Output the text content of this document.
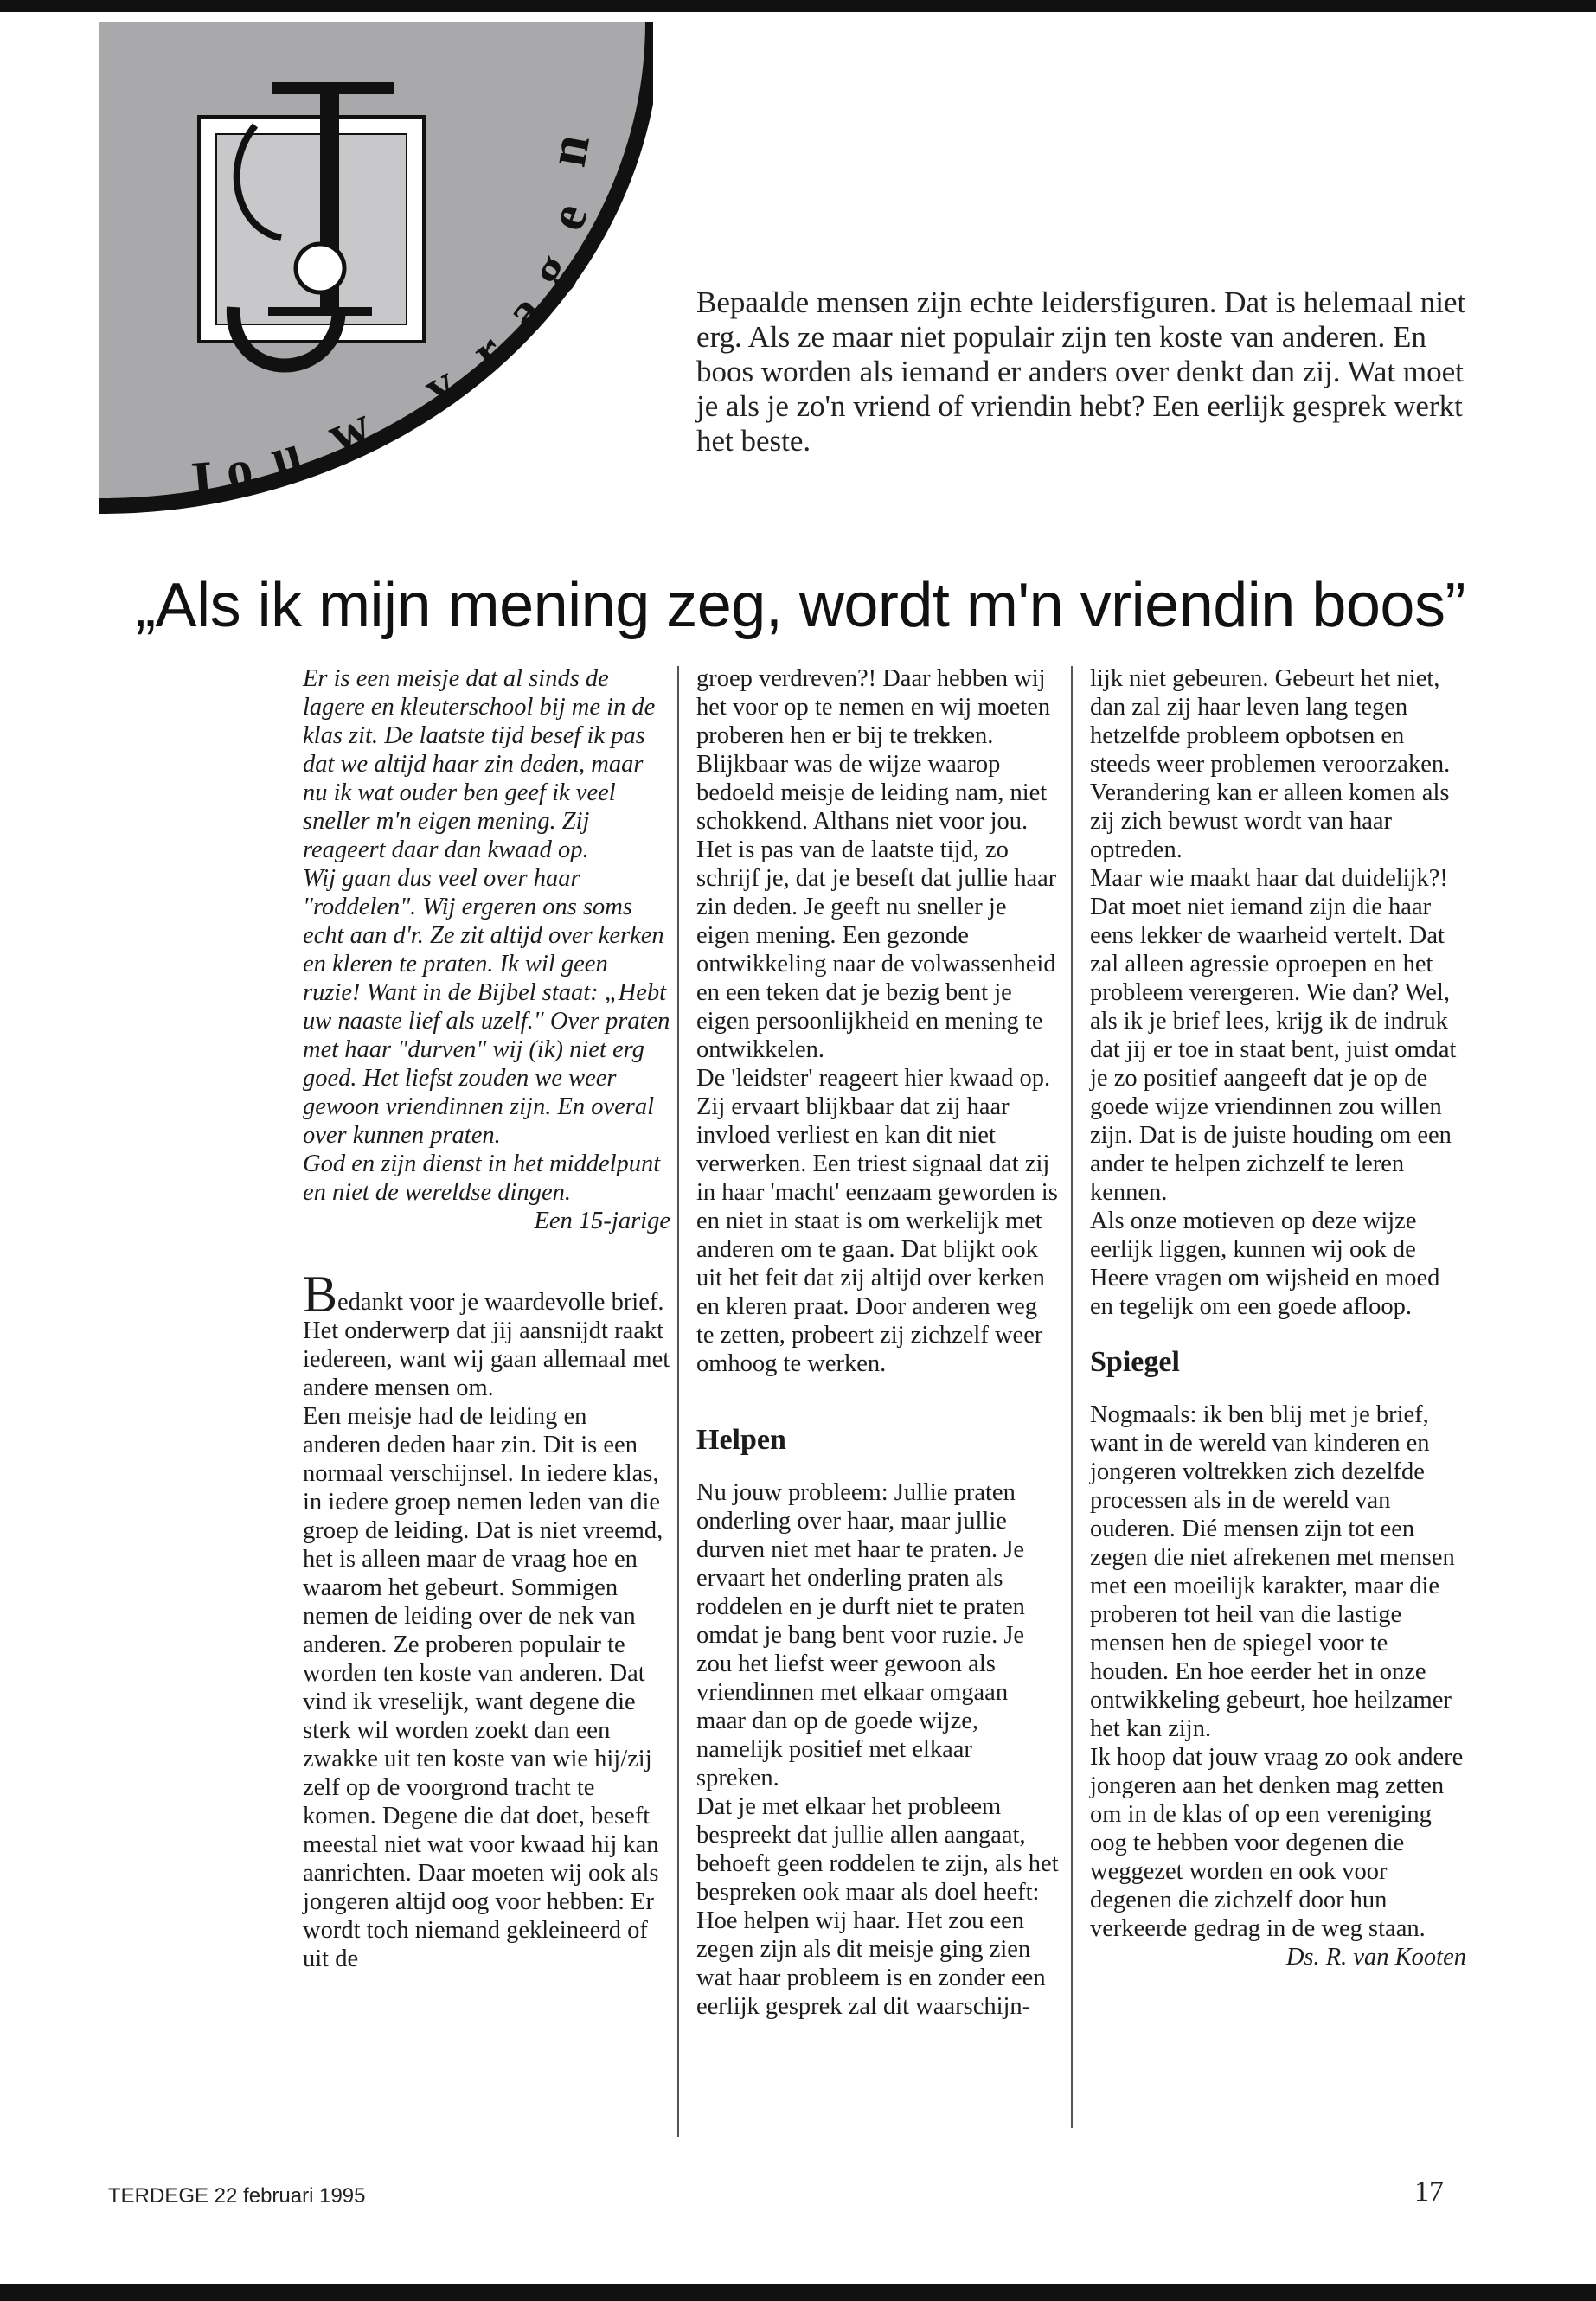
n
e
g
a
r
v
w
u
o
J

Bepaalde mensen zijn echte leidersfiguren. Dat is helemaal niet erg. Als ze maar niet populair zijn ten koste van anderen. En boos worden als iemand er anders over denkt dan zij. Wat moet je als je zo'n vriend of vriendin hebt? Een eerlijk gesprek werkt het beste.

„Als ik mijn mening zeg, wordt m'n vriendin boos”

Er is een meisje dat al sinds de lagere en kleuterschool bij me in de klas zit. De laatste tijd besef ik pas dat we altijd haar zin deden, maar nu ik wat ouder ben geef ik veel sneller m'n eigen mening. Zij reageert daar dan kwaad op.

Wij gaan dus veel over haar "roddelen". Wij ergeren ons soms echt aan d'r. Ze zit altijd over kerken en kleren te praten. Ik wil geen ruzie! Want in de Bijbel staat: „Hebt uw naaste lief als uzelf." Over praten met haar "durven" wij (ik) niet erg goed. Het liefst zouden we weer gewoon vriendinnen zijn. En overal over kunnen praten.

God en zijn dienst in het middelpunt en niet de wereldse dingen.

Een 15-jarige

Bedankt voor je waardevolle brief. Het onderwerp dat jij aansnijdt raakt iedereen, want wij gaan allemaal met andere mensen om.

Een meisje had de leiding en anderen deden haar zin. Dit is een normaal verschijnsel. In iedere klas, in iedere groep nemen leden van die groep de leiding. Dat is niet vreemd, het is alleen maar de vraag hoe en waarom het gebeurt. Sommigen nemen de leiding over de nek van anderen. Ze proberen populair te worden ten koste van anderen. Dat vind ik vreselijk, want degene die sterk wil worden zoekt dan een zwakke uit ten koste van wie hij/zij zelf op de voorgrond tracht te komen. Degene die dat doet, beseft meestal niet wat voor kwaad hij kan aanrichten. Daar moeten wij ook als jongeren altijd oog voor hebben: Er wordt toch niemand gekleineerd of uit de

groep verdreven?! Daar hebben wij het voor op te nemen en wij moeten proberen hen er bij te trekken.

Blijkbaar was de wijze waarop bedoeld meisje de leiding nam, niet schokkend. Althans niet voor jou. Het is pas van de laatste tijd, zo schrijf je, dat je beseft dat jullie haar zin deden. Je geeft nu sneller je eigen mening. Een gezonde ontwikkeling naar de volwassenheid en een teken dat je bezig bent je eigen persoonlijkheid en mening te ontwikkelen.

De 'leidster' reageert hier kwaad op. Zij ervaart blijkbaar dat zij haar invloed verliest en kan dit niet verwerken. Een triest signaal dat zij in haar 'macht' eenzaam geworden is en niet in staat is om werkelijk met anderen om te gaan. Dat blijkt ook uit het feit dat zij altijd over kerken en kleren praat. Door anderen weg te zetten, probeert zij zichzelf weer omhoog te werken.

Helpen

Nu jouw probleem: Jullie praten onderling over haar, maar jullie durven niet met haar te praten. Je ervaart het onderling praten als roddelen en je durft niet te praten omdat je bang bent voor ruzie. Je zou het liefst weer gewoon als vriendinnen met elkaar omgaan maar dan op de goede wijze, namelijk positief met elkaar spreken.

Dat je met elkaar het probleem bespreekt dat jullie allen aangaat, behoeft geen roddelen te zijn, als het bespreken ook maar als doel heeft: Hoe helpen wij haar. Het zou een zegen zijn als dit meisje ging zien wat haar probleem is en zonder een eerlijk gesprek zal dit waarschijn-

lijk niet gebeuren. Gebeurt het niet, dan zal zij haar leven lang tegen hetzelfde probleem opbotsen en steeds weer problemen veroorzaken. Verandering kan er alleen komen als zij zich bewust wordt van haar optreden.

Maar wie maakt haar dat duidelijk?! Dat moet niet iemand zijn die haar eens lekker de waarheid vertelt. Dat zal alleen agressie oproepen en het probleem verergeren. Wie dan? Wel, als ik je brief lees, krijg ik de indruk dat jij er toe in staat bent, juist omdat je zo positief aangeeft dat je op de goede wijze vriendinnen zou willen zijn. Dat is de juiste houding om een ander te helpen zichzelf te leren kennen.

Als onze motieven op deze wijze eerlijk liggen, kunnen wij ook de Heere vragen om wijsheid en moed en tegelijk om een goede afloop.

Spiegel

Nogmaals: ik ben blij met je brief, want in de wereld van kinderen en jongeren voltrekken zich dezelfde processen als in de wereld van ouderen. Dié mensen zijn tot een zegen die niet afrekenen met mensen met een moeilijk karakter, maar die proberen tot heil van die lastige mensen hen de spiegel voor te houden. En hoe eerder het in onze ontwikkeling gebeurt, hoe heilzamer het kan zijn.

Ik hoop dat jouw vraag zo ook andere jongeren aan het denken mag zetten om in de klas of op een vereniging oog te hebben voor degenen die weggezet worden en ook voor degenen die zichzelf door hun verkeerde gedrag in de weg staan.

Ds. R. van Kooten

TERDEGE 22 februari 1995	17
